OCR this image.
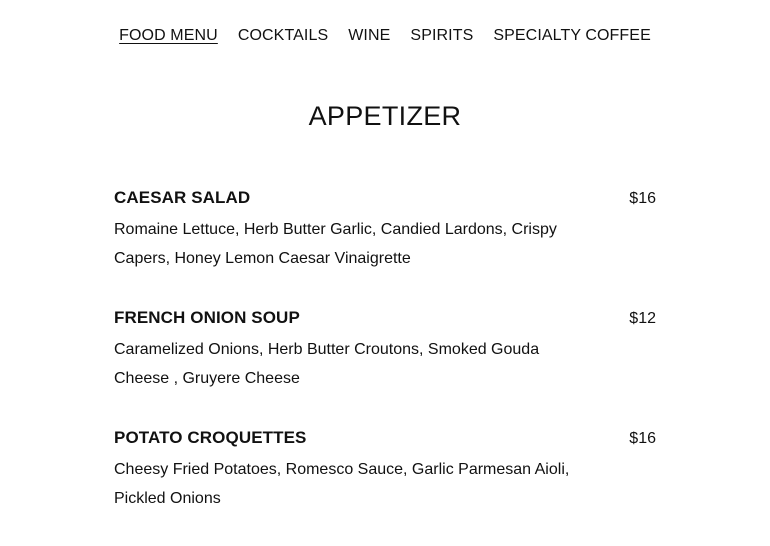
FOOD MENU COCKTAILS WINE SPIRITS SPECIALTY COFFEE
APPETIZER
CAESAR SALAD	$16
Romaine Lettuce, Herb Butter Garlic, Candied Lardons, Crispy Capers, Honey Lemon Caesar Vinaigrette
FRENCH ONION SOUP	$12
Caramelized Onions, Herb Butter Croutons, Smoked Gouda Cheese , Gruyere Cheese
POTATO CROQUETTES	$16
Cheesy Fried Potatoes, Romesco Sauce, Garlic Parmesan Aioli, Pickled Onions
